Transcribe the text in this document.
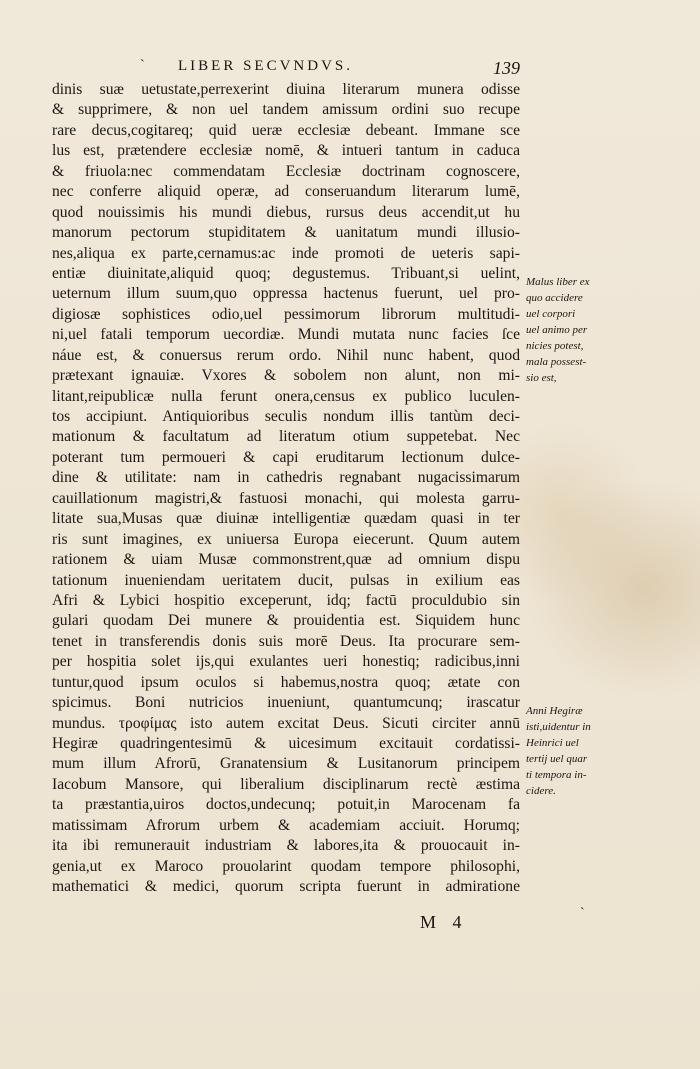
` LIBER SECVNDVS.	139
dinis suæ uetustate,perrexerint diuina literarum munera odisse
& supprimere, & non uel tandem amissum ordini suo recupe
rare decus,cogitareq; quid ueræ ecclesiæ debeant. Immane sce
lus est, prætendere ecclesiæ nomē, & intueri tantum in caduca
& friuola:nec commendatam Ecclesiæ doctrinam cognoscere,
nec conferre aliquid operæ, ad conseruandum literarum lumē,
quod nouissimis his mundi diebus, rursus deus accendit,ut hu
manorum pectorum stupiditatem & uanitatum mundi illusio-
nes,aliqua ex parte,cernamus:ac inde promoti de ueteris sapi-
entiæ diuinitate,aliquid quoq; degustemus. Tribuant,si uelint,
ueternum illum suum,quo oppressa hactenus fuerunt, uel pro-
digiosæ sophistices odio,uel pessimorum librorum multitudi-
ni,uel fatali temporum uecordiæ. Mundi mutata nunc facies ſce
náue est, & conuersus rerum ordo. Nihil nunc habent, quod
prætexant ignauiæ. Vxores & sobolem non alunt, non mi-
litant,reipublicæ nulla ferunt onera,census ex publico luculen-
tos accipiunt. Antiquioribus seculis nondum illis tantùm deci-
mationum & facultatum ad literatum otium suppetebat. Nec
poterant tum permoueri & capi eruditarum lectionum dulce-
dine & utilitate: nam in cathedris regnabant nugacissimarum
cauillationum magistri,& fastuosi monachi, qui molesta garru-
litate sua,Musas quæ diuinæ intelligentiæ quædam quasi in ter
ris sunt imagines, ex uniuersa Europa eiecerunt. Quum autem
rationem & uiam Musæ commonstrent,quæ ad omnium dispu
tationum inueniendam ueritatem ducit, pulsas in exilium eas
Afri & Lybici hospitio exceperunt, idq; factū proculdubio sin
gulari quodam Dei munere & prouidentia est. Siquidem hunc
tenet in transferendis donis suis morē Deus. Ita procurare sem-
per hospitia solet ijs,qui exulantes ueri honestiq; radicibus,inni
tuntur,quod ipsum oculos si habemus,nostra quoq; ætate con
spicimus. Boni nutricios inueniunt, quantumcunq; irascatur
mundus. τροφίμας isto autem excitat Deus. Sicuti circiter annū
Hegiræ quadringentesimū & uicesimum excitauit cordatissi-
mum illum Afrorū, Granatensium & Lusitanorum principem
Iacobum Mansore, qui liberalium disciplinarum rectè æstima
ta præstantia,uiros doctos,undecunq; potuit,in Marocenam fa
matissimam Afrorum urbem & academiam acciuit. Horumq;
ita ibi remunerauit industriam & labores,ita & prouocauit in-
genia,ut ex Maroco prouolarint quodam tempore philosophi,
mathematici & medici, quorum scripta fuerunt in admiratione
Malus liber ex
quo accidere
uel corpori
uel animo per
nicies potest,
mala possest-
sio est,
Anni Hegiræ
isti,uidentur in
Heinrici uel
tertij uel quar
ti tempora in-
cidere.
M 4	`
